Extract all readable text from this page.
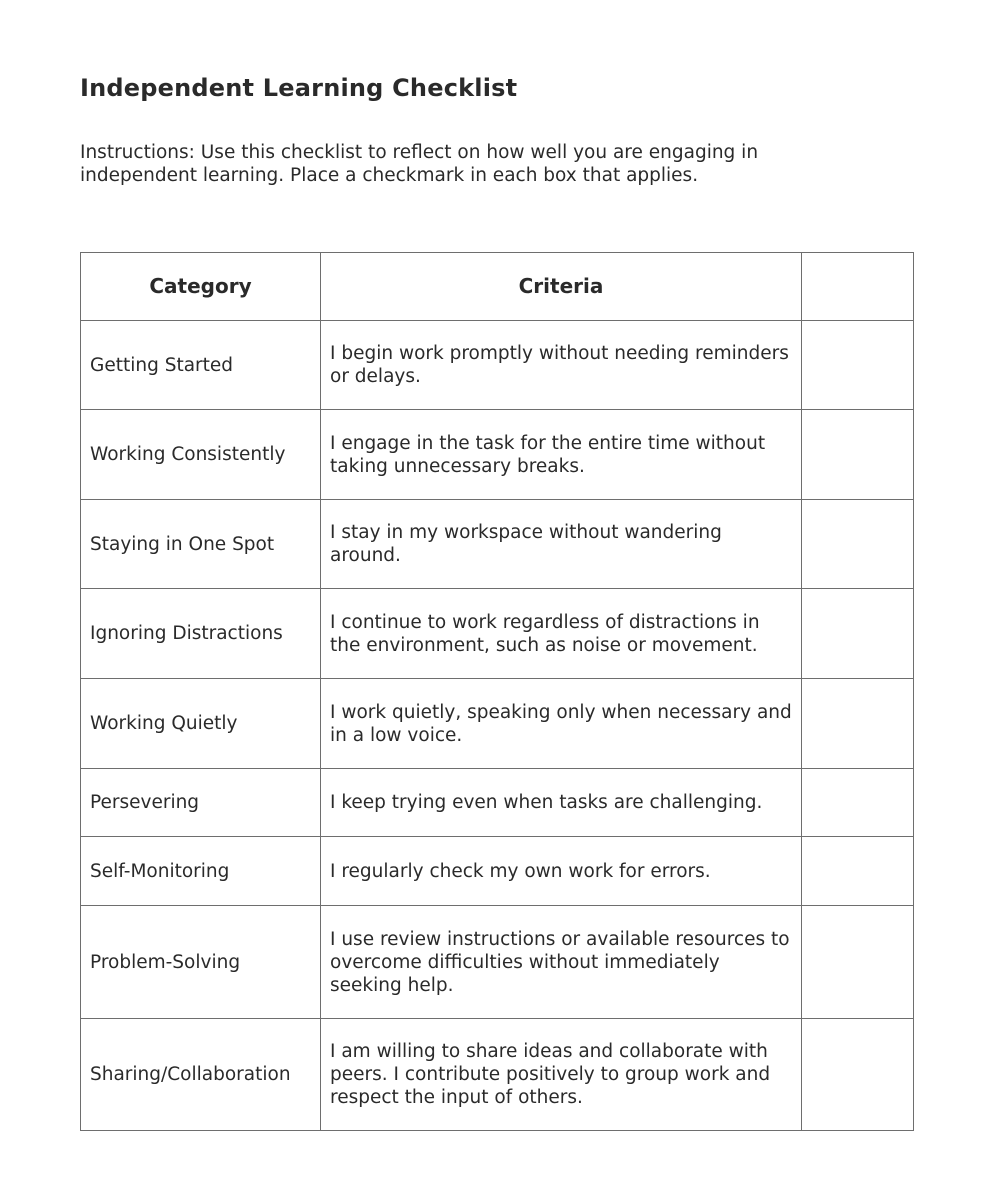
Independent Learning Checklist

Instructions: Use this checklist to reflect on how well you are engaging in independent learning. Place a checkmark in each box that applies.

Category	Criteria	
Getting Started	I begin work promptly without needing reminders or delays.	
Working Consistently	I engage in the task for the entire time without taking unnecessary breaks.	
Staying in One Spot	I stay in my workspace without wandering around.	
Ignoring Distractions	I continue to work regardless of distractions in the environment, such as noise or movement.	
Working Quietly	I work quietly, speaking only when necessary and in a low voice.	
Persevering	I keep trying even when tasks are challenging.	
Self-Monitoring	I regularly check my own work for errors.	
Problem-Solving	I use review instructions or available resources to overcome difficulties without immediately seeking help.	
Sharing/Collaboration	I am willing to share ideas and collaborate with peers. I contribute positively to group work and respect the input of others.	
